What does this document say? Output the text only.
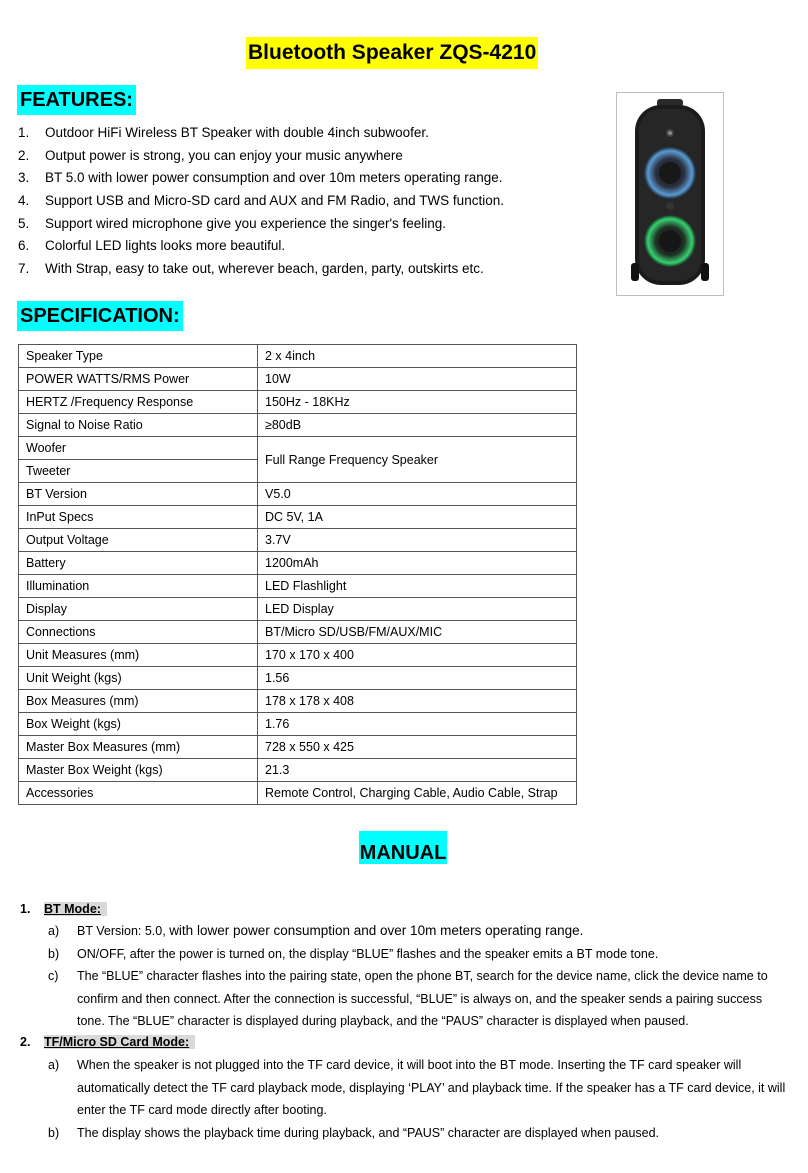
Bluetooth Speaker ZQS-4210
FEATURES:
1. Outdoor HiFi Wireless BT Speaker with double 4inch subwoofer.
2. Output power is strong, you can enjoy your music anywhere
3. BT 5.0 with lower power consumption and over 10m meters operating range.
4. Support USB and Micro-SD card and AUX and FM Radio, and TWS function.
5. Support wired microphone give you experience the singer's feeling.
6. Colorful LED lights looks more beautiful.
7. With Strap, easy to take out, wherever beach, garden, party, outskirts etc.
SPECIFICATION:
Speaker Type	2 x 4inch
POWER WATTS/RMS Power	10W
HERTZ /Frequency Response	150Hz - 18KHz
Signal to Noise Ratio	≥80dB
Woofer	Full Range Frequency Speaker
Tweeter	
BT Version	V5.0
InPut Specs	DC 5V, 1A
Output Voltage	3.7V
Battery	1200mAh
Illumination	LED Flashlight
Display	LED Display
Connections	BT/Micro SD/USB/FM/AUX/MIC
Unit Measures (mm)	170 x 170 x 400
Unit Weight (kgs)	1.56
Box Measures (mm)	178 x 178 x 408
Box Weight (kgs)	1.76
Master Box Measures (mm)	728 x 550 x 425
Master Box Weight (kgs)	21.3
Accessories	Remote Control, Charging Cable, Audio Cable, Strap
MANUAL
1. BT Mode:
a) BT Version: 5.0, with lower power consumption and over 10m meters operating range.
b) ON/OFF, after the power is turned on, the display “BLUE” flashes and the speaker emits a BT mode tone.
c) The “BLUE” character flashes into the pairing state, open the phone BT, search for the device name, click the device name to confirm and then connect. After the connection is successful, “BLUE” is always on, and the speaker sends a pairing success tone. The “BLUE” character is displayed during playback, and the “PAUS” character is displayed when paused.
2. TF/Micro SD Card Mode:
a) When the speaker is not plugged into the TF card device, it will boot into the BT mode. Inserting the TF card speaker will automatically detect the TF card playback mode, displaying ‘PLAY’ and playback time. If the speaker has a TF card device, it will enter the TF card mode directly after booting.
b) The display shows the playback time during playback, and “PAUS” character are displayed when paused.
